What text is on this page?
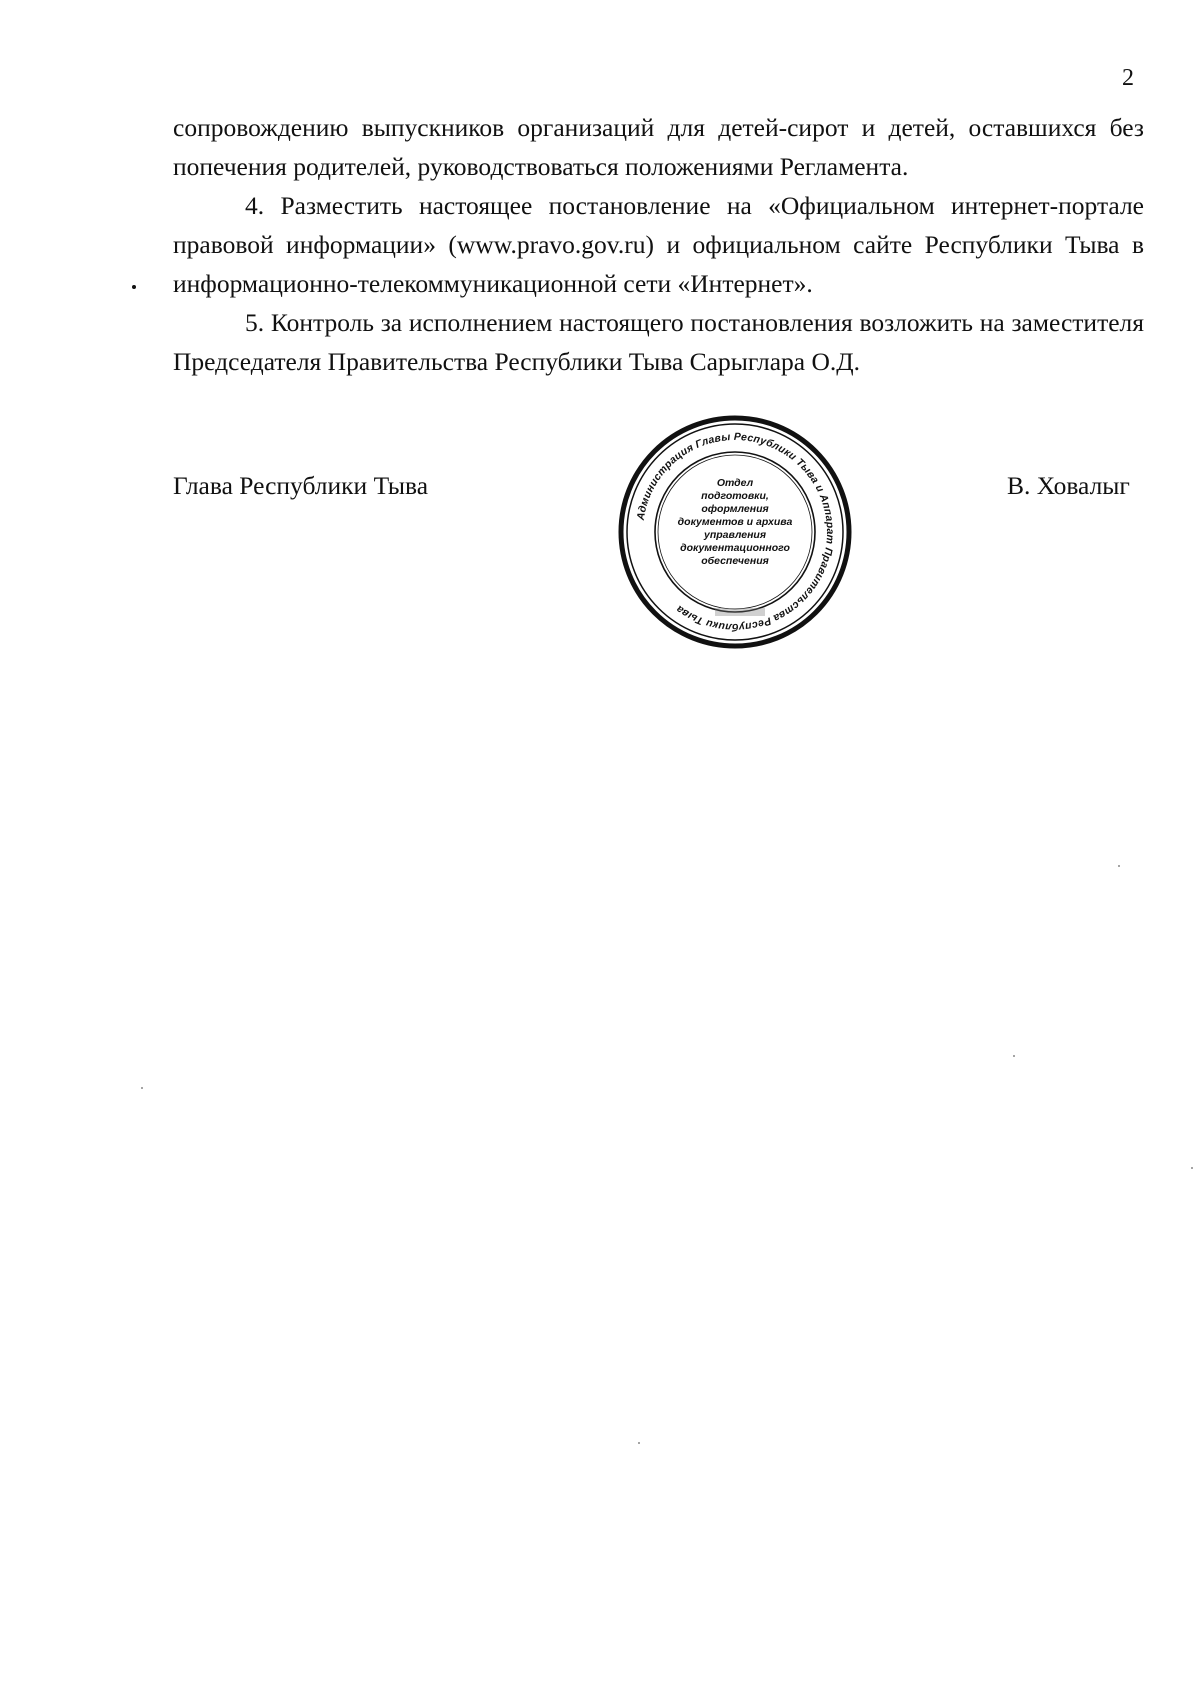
2

сопровождению выпускников организаций для детей-сирот и детей, оставшихся без попечения родителей, руководствоваться положениями Регламента.

4. Разместить настоящее постановление на «Официальном интернет-портале правовой информации» (www.pravo.gov.ru) и официальном сайте Республики Тыва в информационно-телекоммуникационной сети «Интернет».

5. Контроль за исполнением настоящего постановления возложить на заместителя Председателя Правительства Республики Тыва Сарыглара О.Д.

Глава Республики Тыва
Администрация Главы Республики Тыва и Аппарат Правительства Республики Тыва
Отдел
подготовки,
оформления
документов и архива
управления
документационного
обеспечения
В. Ховалыг
